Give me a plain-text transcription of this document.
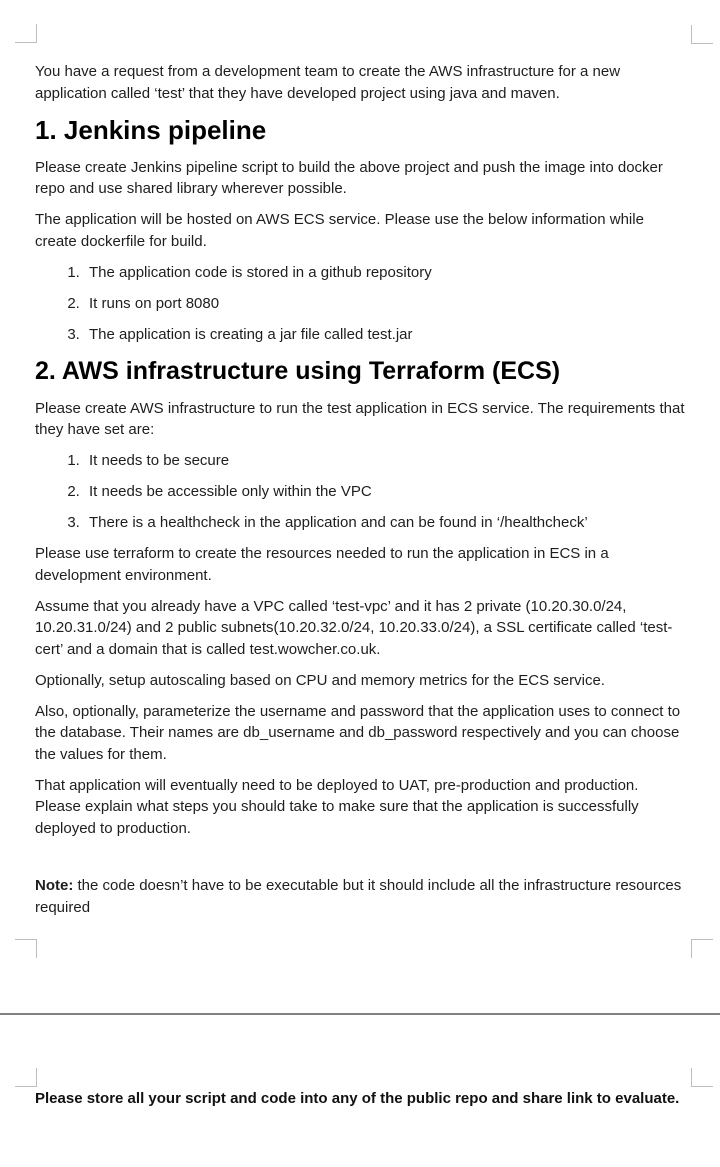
You have a request from a development team to create the AWS infrastructure for a new application called ‘test’ that they have developed project using java and maven.

1. Jenkins pipeline

Please create Jenkins pipeline script to build the above project and push the image into docker repo and use shared library wherever possible.

The application will be hosted on AWS ECS service. Please use the below information while create dockerfile for build.

1. The application code is stored in a github repository
2. It runs on port 8080
3. The application is creating a jar file called test.jar
2. AWS infrastructure using Terraform (ECS)

Please create AWS infrastructure to run the test application in ECS service. The requirements that they have set are:

1. It needs to be secure
2. It needs be accessible only within the VPC
3. There is a healthcheck in the application and can be found in ‘/healthcheck’

Please use terraform to create the resources needed to run the application in ECS in a development environment.

Assume that you already have a VPC called ‘test-vpc’ and it has 2 private (10.20.30.0/24, 10.20.31.0/24) and 2 public subnets(10.20.32.0/24, 10.20.33.0/24), a SSL certificate called ‘test-cert’ and a domain that is called test.wowcher.co.uk.

Optionally, setup autoscaling based on CPU and memory metrics for the ECS service.

Also, optionally, parameterize the username and password that the application uses to connect to the database. Their names are db_username and db_password respectively and you can choose the values for them.

That application will eventually need to be deployed to UAT, pre-production and production. Please explain what steps you should take to make sure that the application is successfully deployed to production.

Note: the code doesn’t have to be executable but it should include all the infrastructure resources required

Please store all your script and code into any of the public repo and share link to evaluate.
